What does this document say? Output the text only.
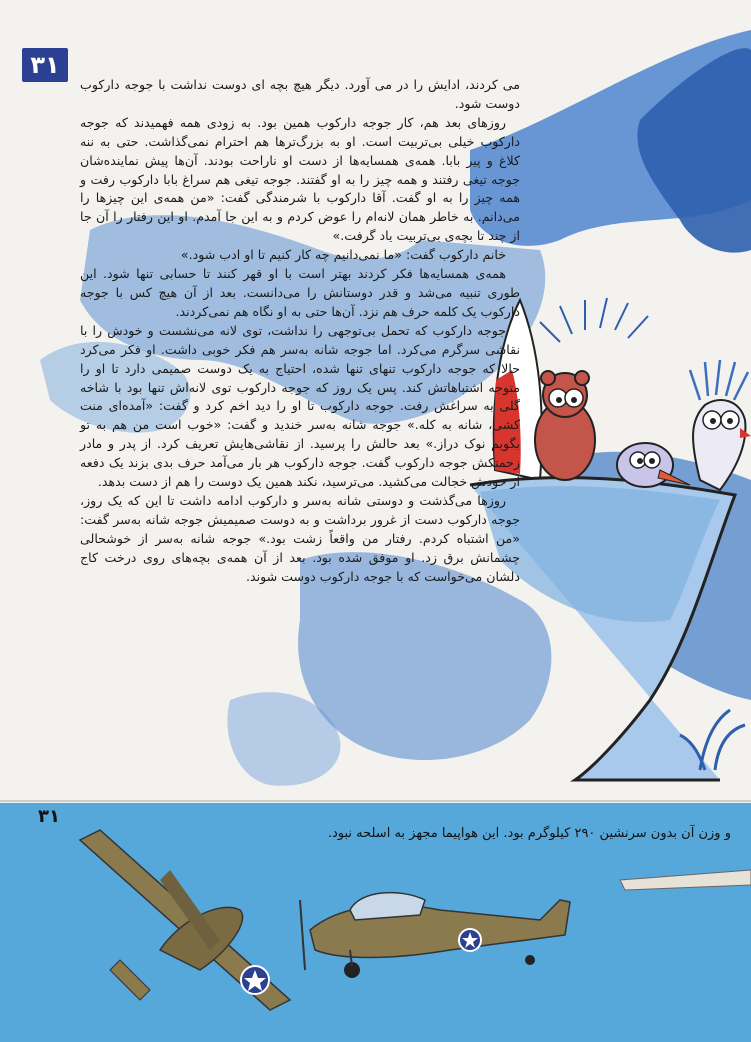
۳۱

می کردند، ادایش را در می آورد. دیگر هیچ بچه ای دوست نداشت با جوجه دارکوب دوست شود.

روزهای بعد هم، کار جوجه دارکوب همین بود. به زودی همه فهمیدند که جوجه دارکوب خیلی بی‌تربیت است. او به بزرگ‌ترها هم احترام نمی‌گذاشت. حتی به ننه کلاغ و پیر بابا. همه‌ی همسایه‌ها از دست او ناراحت بودند. آن‌ها پیش نماینده‌شان جوجه تیغی رفتند و همه چیز را به او گفتند. جوجه تیغی هم سراغ بابا دارکوب رفت و همه چیز را به او گفت. آقا دارکوب با شرمندگی گفت: «من همه‌ی این چیزها را می‌دانم. به خاطر همان لانه‌ام را عوض کردم و به این جا آمدم. او این رفتار را آن جا از چند تا بچه‌ی بی‌تربیت یاد گرفت.»

خانم دارکوب گفت: «ما نمی‌دانیم چه کار کنیم تا او ادب شود.»

همه‌ی همسایه‌ها فکر کردند بهتر است با او قهر کنند تا حسابی تنها شود. این طوری تنبیه می‌شد و قدر دوستانش را می‌دانست. بعد از آن هیچ کس با جوجه دارکوب یک کلمه حرف هم نزد. آن‌ها حتی به او نگاه هم نمی‌کردند.

جوجه دارکوب که تحمل بی‌توجهی را نداشت، توی لانه می‌نشست و خودش را با نقاشی سرگرم می‌کرد. اما جوجه شانه به‌سر هم فکر خوبی داشت. او فکر می‌کرد حالا که جوجه دارکوب تنهای تنها شده، احتیاج به یک دوست صمیمی دارد تا او را متوجه اشتباهاتش کند. پس یک روز که جوجه دارکوب توی لانه‌اش تنها بود با شاخه گلی به سراغش رفت. جوجه دارکوب تا او را دید اخم کرد و گفت: «آمده‌ای منت کشی، شانه به کله.» جوجه شانه به‌سر خندید و گفت: «خوب است من هم به تو بگویم نوک دراز.» بعد حالش را پرسید. از نقاشی‌هایش تعریف کرد. از پدر و مادر زحمتکش جوجه دارکوب گفت. جوجه دارکوب هر بار می‌آمد حرف بدی بزند یک دفعه از خودش خجالت می‌کشید. می‌ترسید، نکند همین یک دوست را هم از دست بدهد.

روزها می‌گذشت و دوستی شانه به‌سر و دارکوب ادامه داشت تا این که یک روز، جوجه دارکوب دست از غرور برداشت و به دوست صمیمیش جوجه شانه به‌سر گفت: «من اشتباه کردم. رفتار من واقعاً زشت بود.» جوجه شانه به‌سر از خوشحالی چشمانش برق زد. او موفق شده بود. بعد از آن همه‌ی بچه‌های روی درخت کاج دلشان می‌خواست که با جوجه دارکوب دوست شوند.

۳۱
و وزن آن بدون سرنشین ۲۹۰ کیلوگرم بود. این هواپیما مجهز به اسلحه نبود.
